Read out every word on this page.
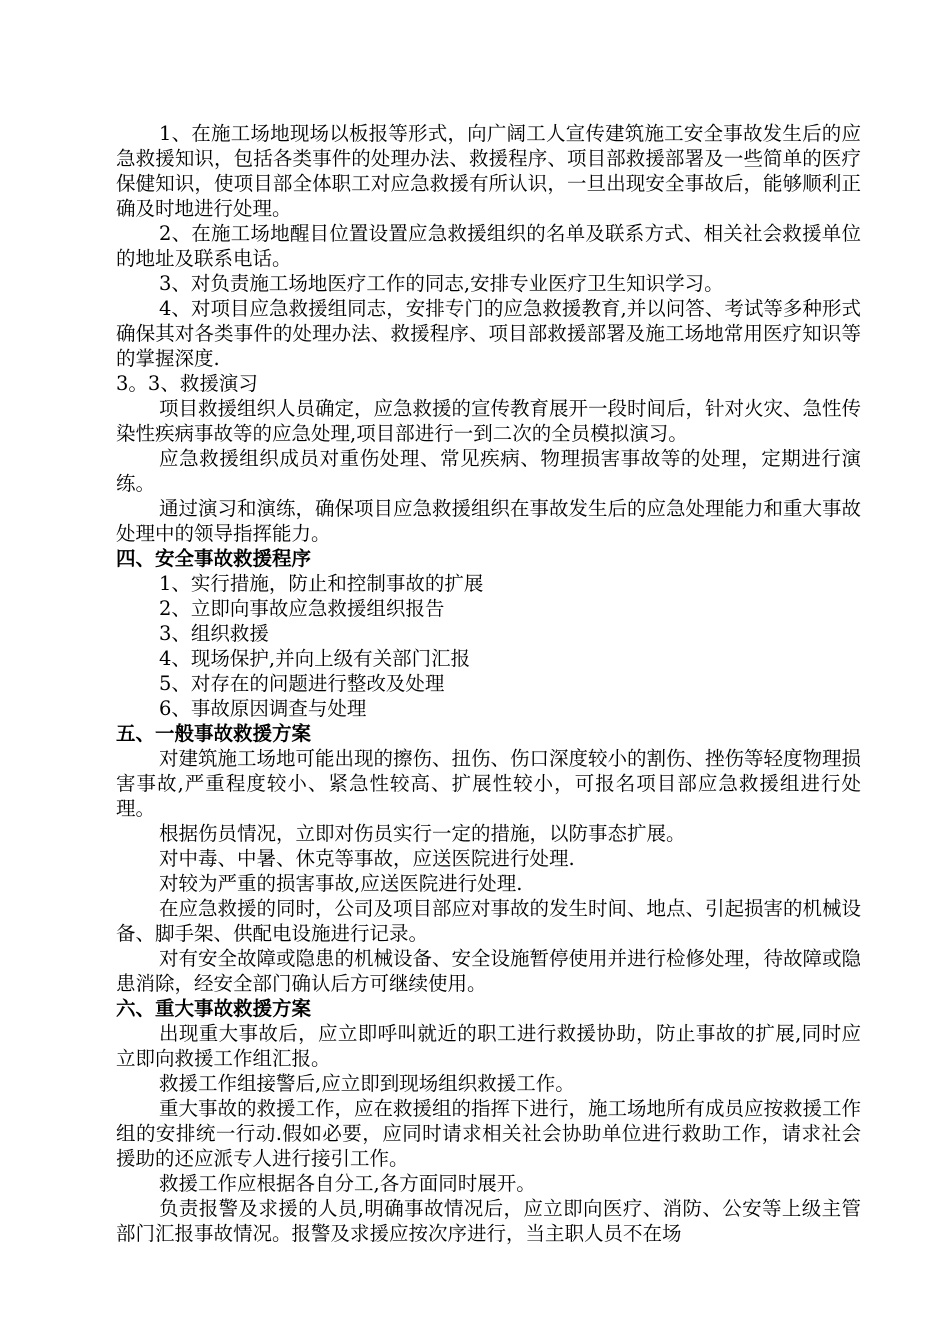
1、在施工场地现场以板报等形式，向广阔工人宣传建筑施工安全事故发生后的应急救援知识，包括各类事件的处理办法、救援程序、项目部救援部署及一些简单的医疗保健知识，使项目部全体职工对应急救援有所认识，一旦出现安全事故后，能够顺利正确及时地进行处理。

2、在施工场地醒目位置设置应急救援组织的名单及联系方式、相关社会救援单位的地址及联系电话。

3、对负责施工场地医疗工作的同志,安排专业医疗卫生知识学习。

4、对项目应急救援组同志，安排专门的应急救援教育,并以问答、考试等多种形式确保其对各类事件的处理办法、救援程序、项目部救援部署及施工场地常用医疗知识等的掌握深度.

3。3、救援演习

项目救援组织人员确定，应急救援的宣传教育展开一段时间后，针对火灾、急性传染性疾病事故等的应急处理,项目部进行一到二次的全员模拟演习。

应急救援组织成员对重伤处理、常见疾病、物理损害事故等的处理，定期进行演练。

通过演习和演练，确保项目应急救援组织在事故发生后的应急处理能力和重大事故处理中的领导指挥能力。

四、安全事故救援程序

1、实行措施，防止和控制事故的扩展

2、立即向事故应急救援组织报告

3、组织救援

4、现场保护,并向上级有关部门汇报

5、对存在的问题进行整改及处理

6、事故原因调查与处理

五、一般事故救援方案

对建筑施工场地可能出现的擦伤、扭伤、伤口深度较小的割伤、挫伤等轻度物理损害事故,严重程度较小、紧急性较高、扩展性较小，可报名项目部应急救援组进行处理。

根据伤员情况，立即对伤员实行一定的措施，以防事态扩展。

对中毒、中暑、休克等事故，应送医院进行处理.

对较为严重的损害事故,应送医院进行处理.

在应急救援的同时，公司及项目部应对事故的发生时间、地点、引起损害的机械设备、脚手架、供配电设施进行记录。

对有安全故障或隐患的机械设备、安全设施暂停使用并进行检修处理，待故障或隐患消除，经安全部门确认后方可继续使用。

六、重大事故救援方案

出现重大事故后，应立即呼叫就近的职工进行救援协助，防止事故的扩展,同时应立即向救援工作组汇报。

救援工作组接警后,应立即到现场组织救援工作。

重大事故的救援工作，应在救援组的指挥下进行，施工场地所有成员应按救援工作组的安排统一行动.假如必要，应同时请求相关社会协助单位进行救助工作，请求社会援助的还应派专人进行接引工作。

救援工作应根据各自分工,各方面同时展开。

负责报警及求援的人员,明确事故情况后，应立即向医疗、消防、公安等上级主管部门汇报事故情况。报警及求援应按次序进行，当主职人员不在场
